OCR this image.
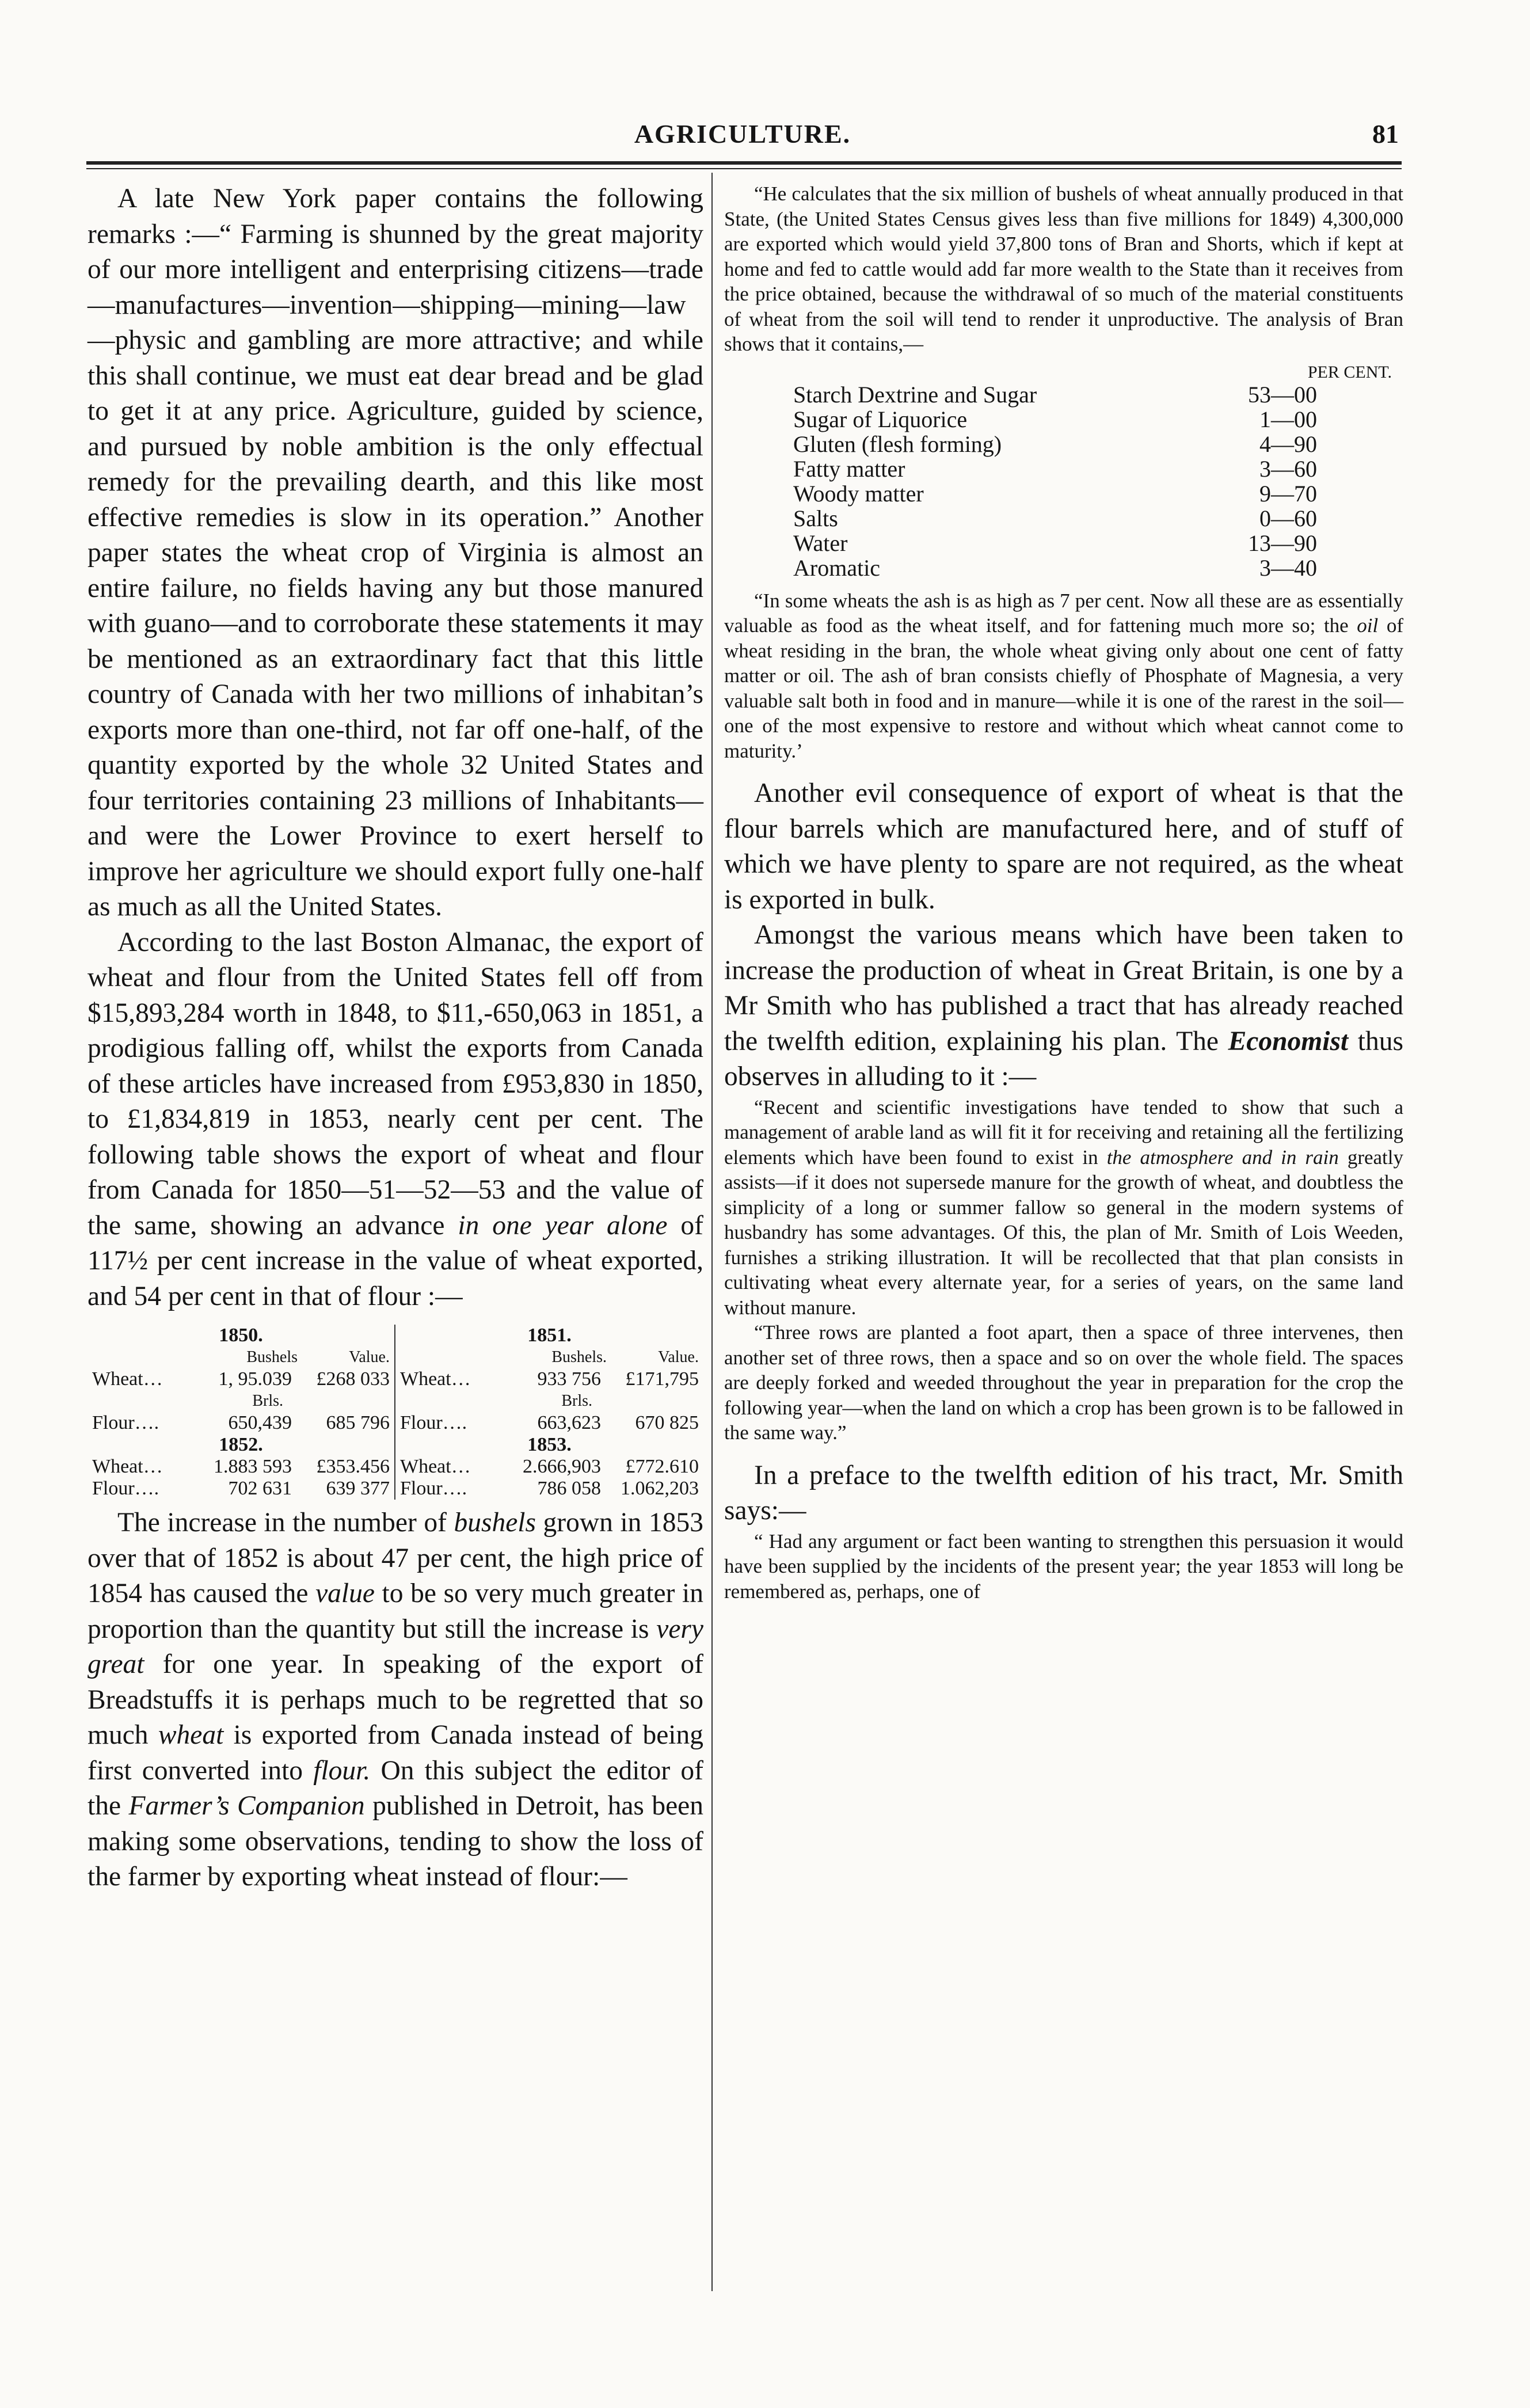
AGRICULTURE.	81

A late New York paper contains the following remarks :—“ Farming is shunned by the great majority of our more intelligent and enterprising citizens—trade—manufactures—invention—shipping—mining—law—physic and gambling are more attractive; and while this shall continue, we must eat dear bread and be glad to get it at any price. Agriculture, guided by science, and pursued by noble ambition is the only effectual remedy for the prevailing dearth, and this like most effective remedies is slow in its operation.” Another paper states the wheat crop of Virginia is almost an entire failure, no fields having any but those manured with guano—and to corroborate these statements it may be mentioned as an extraordinary fact that this little country of Canada with her two millions of inhabitan’s exports more than one-third, not far off one-half, of the quantity exported by the whole 32 United States and four territories containing 23 millions of Inhabitants—and were the Lower Province to exert herself to improve her agriculture we should export fully one-half as much as all the United States.

According to the last Boston Almanac, the export of wheat and flour from the United States fell off from $15,893,284 worth in 1848, to $11,-650,063 in 1851, a prodigious falling off, whilst the exports from Canada of these articles have increased from £953,830 in 1850, to £1,834,819 in 1853, nearly cent per cent. The following table shows the export of wheat and flour from Canada for 1850—51—52—53 and the value of the same, showing an advance in one year alone of 117½ per cent increase in the value of wheat exported, and 54 per cent in that of flour :—

1850.
Bushels	Value.
Wheat…	1, 95.039	£268 033
Brls.
Flour….	650,439	685 796
1851.
Bushels.	Value.
Wheat…	933 756	£171,795
Brls.
Flour….	663,623	670 825
1852.
Wheat…	1.883 593	£353.456
Flour….	702 631	639 377
1853.
Wheat…	2.666,903	£772.610
Flour….	786 058	1.062,203

The increase in the number of bushels grown in 1853 over that of 1852 is about 47 per cent, the high price of 1854 has caused the value to be so very much greater in proportion than the quantity but still the increase is very great for one year. In speaking of the export of Breadstuffs it is perhaps much to be regretted that so much wheat is exported from Canada instead of being first converted into flour. On this subject the editor of the Farmer’s Companion published in Detroit, has been making some observations, tending to show the loss of the farmer by exporting wheat instead of flour:—

“He calculates that the six million of bushels of wheat annually produced in that State, (the United States Census gives less than five millions for 1849) 4,300,000 are exported which would yield 37,800 tons of Bran and Shorts, which if kept at home and fed to cattle would add far more wealth to the State than it receives from the price obtained, because the withdrawal of so much of the material constituents of wheat from the soil will tend to render it unproductive. The analysis of Bran shows that it contains,—

PER CENT.
Starch Dextrine and Sugar	53—00
Sugar of Liquorice	1—00
Gluten (flesh forming)	4—90
Fatty matter	3—60
Woody matter	9—70
Salts	0—60
Water	13—90
Aromatic	3—40

“In some wheats the ash is as high as 7 per cent. Now all these are as essentially valuable as food as the wheat itself, and for fattening much more so; the oil of wheat residing in the bran, the whole wheat giving only about one cent of fatty matter or oil. The ash of bran consists chiefly of Phosphate of Magnesia, a very valuable salt both in food and in manure—while it is one of the rarest in the soil—one of the most expensive to restore and without which wheat cannot come to maturity.’

Another evil consequence of export of wheat is that the flour barrels which are manufactured here, and of stuff of which we have plenty to spare are not required, as the wheat is exported in bulk.

Amongst the various means which have been taken to increase the production of wheat in Great Britain, is one by a Mr Smith who has published a tract that has already reached the twelfth edition, explaining his plan. The Economist thus observes in alluding to it :—

“Recent and scientific investigations have tended to show that such a management of arable land as will fit it for receiving and retaining all the fertilizing elements which have been found to exist in the atmosphere and in rain greatly assists—if it does not supersede manure for the growth of wheat, and doubtless the simplicity of a long or summer fallow so general in the modern systems of husbandry has some advantages. Of this, the plan of Mr. Smith of Lois Weeden, furnishes a striking illustration. It will be recollected that that plan consists in cultivating wheat every alternate year, for a series of years, on the same land without manure.

“Three rows are planted a foot apart, then a space of three intervenes, then another set of three rows, then a space and so on over the whole field. The spaces are deeply forked and weeded throughout the year in preparation for the crop the following year—when the land on which a crop has been grown is to be fallowed in the same way.”

In a preface to the twelfth edition of his tract, Mr. Smith says:—

“ Had any argument or fact been wanting to strengthen this persuasion it would have been supplied by the incidents of the present year; the year 1853 will long be remembered as, perhaps, one of
